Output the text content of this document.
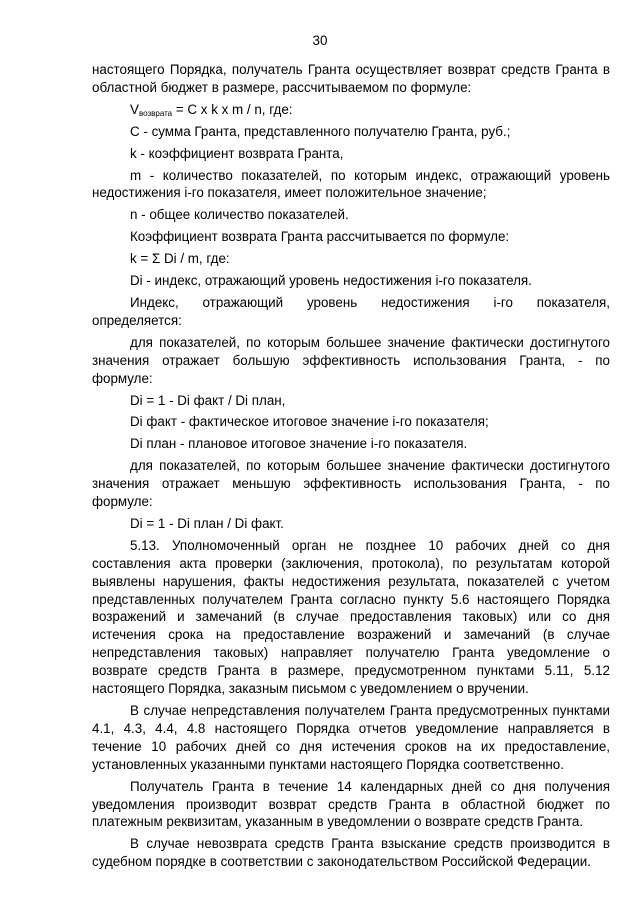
30

настоящего Порядка, получатель Гранта осуществляет возврат средств Гранта в областной бюджет в размере, рассчитываемом по формуле:

$V_{возврата} = C$ x k x m / n, где:

C - сумма Гранта, представленного получателю Гранта, руб.;

k - коэффициент возврата Гранта,

m - количество показателей, по которым индекс, отражающий уровень недостижения i-го показателя, имеет положительное значение;

n - общее количество показателей.

Коэффициент возврата Гранта рассчитывается по формуле:

k = Σ Di / m, где:

Di - индекс, отражающий уровень недостижения i-го показателя.

Индекс, отражающий уровень недостижения i-го показателя,

определяется:

для показателей, по которым большее значение фактически достигнутого значения отражает большую эффективность использования Гранта, - по формуле:

Di = 1 - Di факт / Di план,

Di факт - фактическое итоговое значение i-го показателя;

Di план - плановое итоговое значение i-го показателя.

для показателей, по которым большее значение фактически достигнутого значения отражает меньшую эффективность использования Гранта, - по формуле:

Di = 1 - Di план / Di факт.

5.13. Уполномоченный орган не позднее 10 рабочих дней со дня составления акта проверки (заключения, протокола), по результатам которой выявлены нарушения, факты недостижения результата, показателей с учетом представленных получателем Гранта согласно пункту 5.6 настоящего Порядка возражений и замечаний (в случае предоставления таковых) или со дня истечения срока на предоставление возражений и замечаний (в случае непредставления таковых) направляет получателю Гранта уведомление о возврате средств Гранта в размере, предусмотренном пунктами 5.11, 5.12 настоящего Порядка, заказным письмом с уведомлением о вручении.

В случае непредставления получателем Гранта предусмотренных пунктами 4.1, 4.3, 4.4, 4.8 настоящего Порядка отчетов уведомление направляется в течение 10 рабочих дней со дня истечения сроков на их предоставление, установленных указанными пунктами настоящего Порядка соответственно.

Получатель Гранта в течение 14 календарных дней со дня получения уведомления производит возврат средств Гранта в областной бюджет по платежным реквизитам, указанным в уведомлении о возврате средств Гранта.

В случае невозврата средств Гранта взыскание средств производится в судебном порядке в соответствии с законодательством Российской Федерации.
